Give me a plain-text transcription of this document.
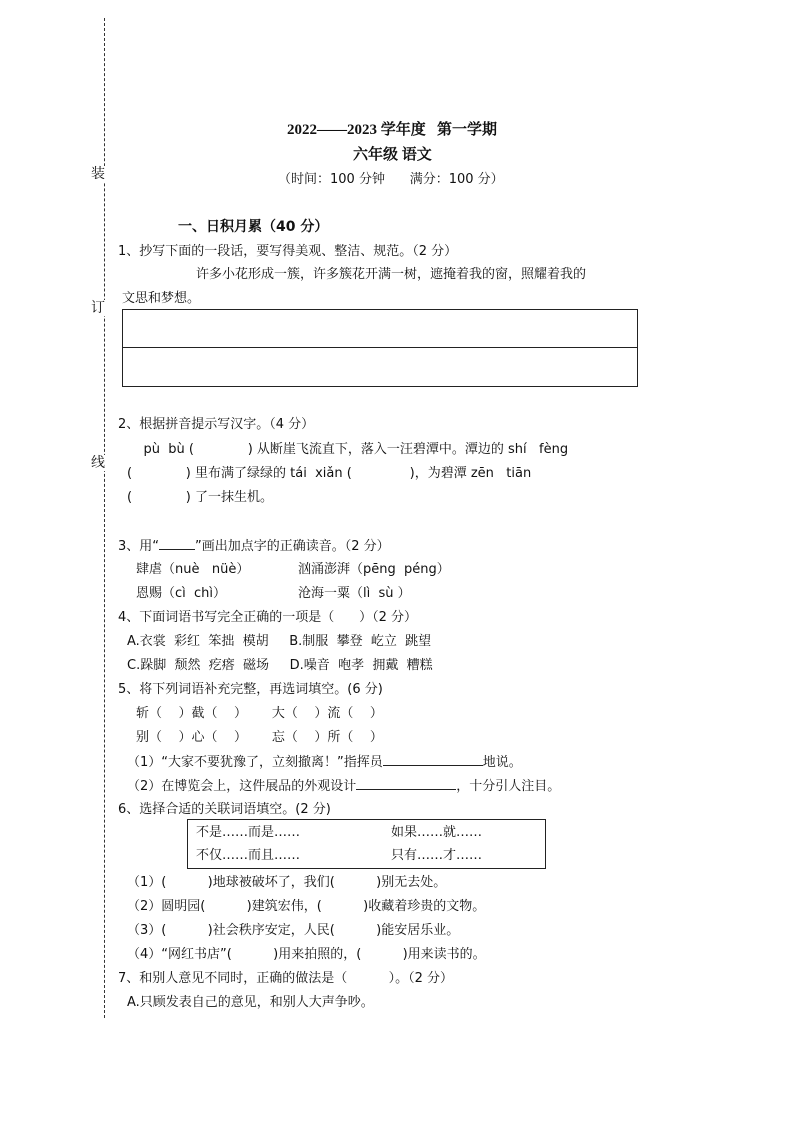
装
订
线
2022——2023 学年度   第一学期
六年级 语文
（时间：100 分钟      满分：100 分）
一、日积月累（40 分）
1、抄写下面的一段话，要写得美观、整洁、规范。（2 分）
许多小花形成一簇，许多簇花开满一树，遮掩着我的窗，照耀着我的
文思和梦想。
2、根据拼音提示写汉字。（4 分）
pù  bù (             ) 从断崖飞流直下，落入一汪碧潭中。潭边的 shí   fèng
(             ) 里布满了绿绿的 tái  xiǎn (              )，为碧潭 zēn   tiān
(             ) 了一抹生机。
3、用“	”画出加点字的正确读音。（2 分）
肆虐（nuè   nüè）	汹涌澎湃（pēng  péng）
恩赐（cì  chì）	沧海一粟（lì  sù ）
4、下面词语书写完全正确的一项是（      ）（2 分）
A.衣裳  彩红  笨拙  模胡     B.制服  攀登  屹立  跳望
C.跺脚  颓然  疙瘩  磁场     D.噪音  咆孝  拥戴  糟糕
5、将下列词语补充完整，再选词填空。(6 分)
斩（    ）截（    ）      大（    ）流（    ）
别（    ）心（    ）      忘（    ）所（    ）
（1）“大家不要犹豫了，立刻撤离！”指挥员	地说。
（2）在博览会上，这件展品的外观设计	，十分引人注目。
6、选择合适的关联词语填空。(2 分)
不是……而是……	如果……就……
不仅……而且……	只有……才……
（1）(          )地球被破坏了，我们(          )别无去处。
（2）圆明园(          )建筑宏伟，(          )收藏着珍贵的文物。
（3）(          )社会秩序安定，人民(          )能安居乐业。
（4）“网红书店”(          )用来拍照的，(          )用来读书的。
7、和别人意见不同时，正确的做法是（          ）。（2 分）
A.只顾发表自己的意见，和别人大声争吵。
